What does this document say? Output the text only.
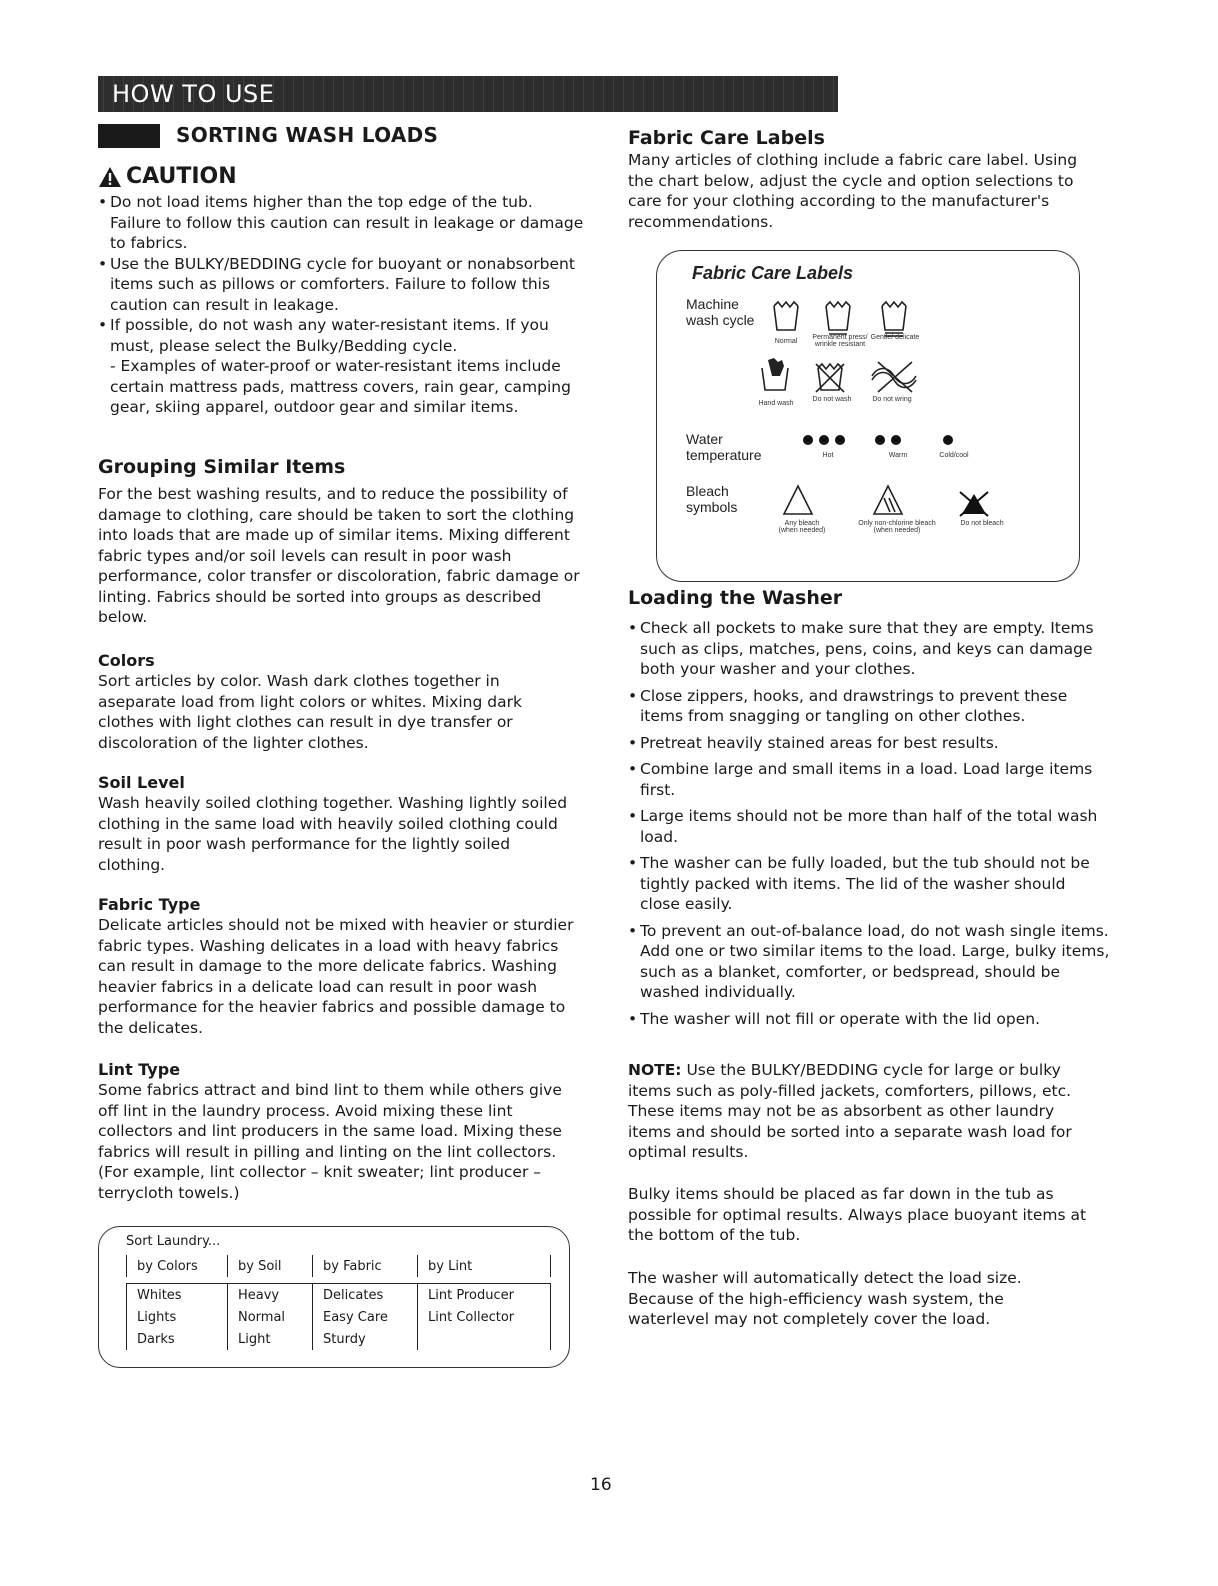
HOW TO USE
SORTING WASH LOADS
CAUTION
• Do not load items higher than the top edge of the tub. Failure to follow this caution can result in leakage or damage to fabrics.
• Use the BULKY/BEDDING cycle for buoyant or nonabsorbent items such as pillows or comforters. Failure to follow this caution can result in leakage.
• If possible, do not wash any water-resistant items. If you must, please select the Bulky/Bedding cycle.

- Examples of water-proof or water-resistant items include certain mattress pads, mattress covers, rain gear, camping gear, skiing apparel, outdoor gear and similar items.

Grouping Similar Items

For the best washing results, and to reduce the possibility of damage to clothing, care should be taken to sort the clothing into loads that are made up of similar items. Mixing different fabric types and/or soil levels can result in poor wash performance, color transfer or discoloration, fabric damage or linting. Fabrics should be sorted into groups as described below.

Colors

Sort articles by color. Wash dark clothes together in aseparate load from light colors or whites. Mixing dark clothes with light clothes can result in dye transfer or discoloration of the lighter clothes.

Soil Level

Wash heavily soiled clothing together. Washing lightly soiled clothing in the same load with heavily soiled clothing could result in poor wash performance for the lightly soiled clothing.

Fabric Type

Delicate articles should not be mixed with heavier or sturdier fabric types. Washing delicates in a load with heavy fabrics can result in damage to the more delicate fabrics. Washing heavier fabrics in a delicate load can result in poor wash performance for the heavier fabrics and possible damage to the delicates.

Lint Type

Some fabrics attract and bind lint to them while others give off lint in the laundry process. Avoid mixing these lint collectors and lint producers in the same load. Mixing these fabrics will result in pilling and linting on the lint collectors. (For example, lint collector – knit sweater; lint producer – terrycloth towels.)

Sort Laundry...
by Colors	by Soil	by Fabric	by Lint

Whites	Heavy	Delicates	Lint Producer
Lights	Normal	Easy Care	Lint Collector
Darks	Light	Sturdy	
Fabric Care Labels

Many articles of clothing include a fabric care label. Using the chart below, adjust the cycle and option selections to care for your clothing according to the manufacturer's recommendations.

Fabric Care Labels
Machine wash cycle
Normal
Permanent press/ wrinkle resistant
Gentle/ delicate
Hand wash
Do not wash	Do not wring
Water temperature	Hot	Warm	Cold/cool
Bleach symbols
Any bleach (when needed)
Only non-chlorine bleach (when needed)
Do not bleach
Loading the Washer
• Check all pockets to make sure that they are empty. Items such as clips, matches, pens, coins, and keys can damage both your washer and your clothes.
• Close zippers, hooks, and drawstrings to prevent these items from snagging or tangling on other clothes.
• Pretreat heavily stained areas for best results.
• Combine large and small items in a load. Load large items first.
• Large items should not be more than half of the total wash load.
• The washer can be fully loaded, but the tub should not be tightly packed with items. The lid of the washer should close easily.
• To prevent an out-of-balance load, do not wash single items. Add one or two similar items to the load. Large, bulky items, such as a blanket, comforter, or bedspread, should be washed individually.
• The washer will not fill or operate with the lid open.

NOTE: Use the BULKY/BEDDING cycle for large or bulky items such as poly-filled jackets, comforters, pillows, etc. These items may not be as absorbent as other laundry items and should be sorted into a separate wash load for optimal results.

Bulky items should be placed as far down in the tub as possible for optimal results. Always place buoyant items at the bottom of the tub.

The washer will automatically detect the load size. Because of the high-efficiency wash system, the waterlevel may not completely cover the load.

16
